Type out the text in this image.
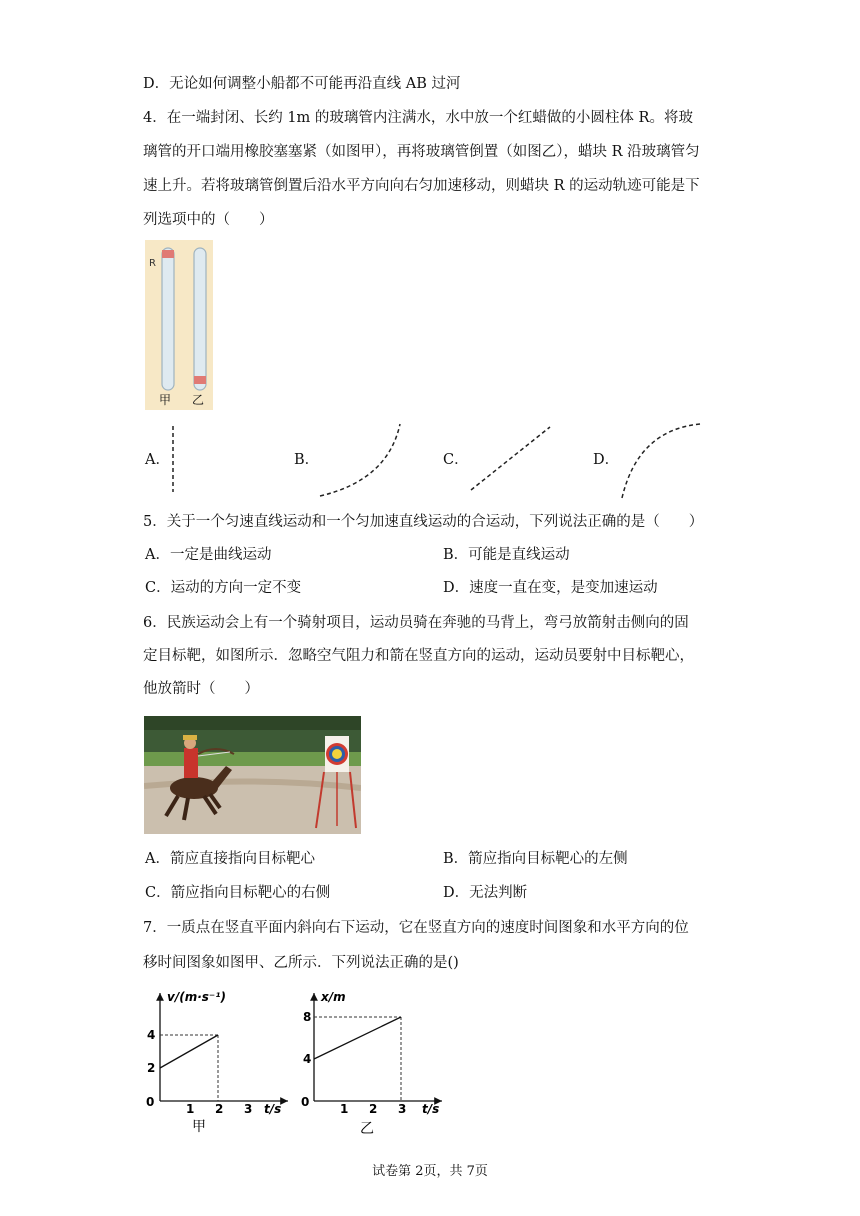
D．无论如何调整小船都不可能再沿直线 AB 过河
4．在一端封闭、长约 1m 的玻璃管内注满水，水中放一个红蜡做的小圆柱体 R。将玻
璃管的开口端用橡胶塞塞紧（如图甲），再将玻璃管倒置（如图乙），蜡块 R 沿玻璃管匀
速上升。若将玻璃管倒置后沿水平方向向右匀加速移动，则蜡块 R 的运动轨迹可能是下
列选项中的（　　）
R
甲 乙
A．	B．	C．	D．
5．关于一个匀速直线运动和一个匀加速直线运动的合运动，下列说法正确的是（　　）
A．一定是曲线运动	B．可能是直线运动
C．运动的方向一定不变	D．速度一直在变，是变加速运动
6．民族运动会上有一个骑射项目，运动员骑在奔驰的马背上，弯弓放箭射击侧向的固
定目标靶，如图所示．忽略空气阻力和箭在竖直方向的运动，运动员要射中目标靶心，
他放箭时（　　）
A．箭应直接指向目标靶心	B．箭应指向目标靶心的左侧
C．箭应指向目标靶心的右侧	D．无法判断
7．一质点在竖直平面内斜向右下运动，它在竖直方向的速度时间图象和水平方向的位
移时间图象如图甲、乙所示．下列说法正确的是()
v/(m·s⁻¹)
t/s
0
2
4
1 2 3
甲
x/m
t/s
0
4
8
1 2 3
乙
试卷第 2页，共 7页
